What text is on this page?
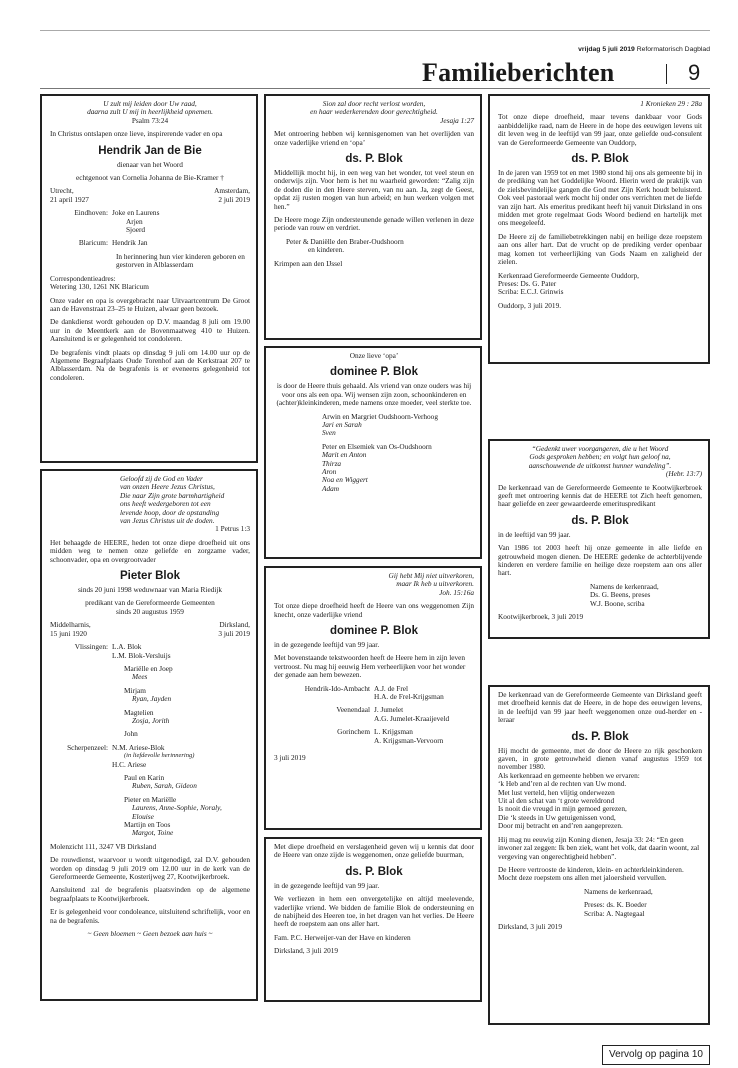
vrijdag 5 juli 2019 Reformatorisch Dagblad
Familieberichten	9
U zult mij leiden door Uw raad,
daarna zult U mij in heerlijkheid opnemen.
Psalm 73:24
In Christus ontslapen onze lieve, inspirerende vader en opa
Hendrik Jan de Bie
dienaar van het Woord
echtgenoot van Cornelia Johanna de Bie-Kramer †
Utrecht,
21 april 1927
Amsterdam,
2 juli 2019
Eindhoven: Joke en Laurens
Arjen
Sjoerd
Blaricum: Hendrik Jan
In herinnering hun vier kinderen geboren en gestorven in Alblasserdam
Correspondentieadres:
Wetering 130, 1261 NK Blaricum
Onze vader en opa is overgebracht naar Uitvaartcentrum De Groot aan de Havenstraat 23–25 te Huizen, alwaar geen bezoek.
De dankdienst wordt gehouden op D.V. maandag 8 juli om 19.00 uur in de Meentkerk aan de Bovenmaatweg 410 te Huizen. Aansluitend is er gelegenheid tot condoleren.
De begrafenis vindt plaats op dinsdag 9 juli om 14.00 uur op de Algemene Begraafplaats Oude Torenhof aan de Kerkstraat 207 te Alblasserdam. Na de begrafenis is er eveneens gelegenheid tot condoleren.
Geloofd zij de God en Vader
van onzen Heere Jezus Christus,
Die naar Zijn grote barmhartigheid
ons heeft wedergeboren tot een
levende hoop, door de opstanding
van Jezus Christus uit de doden.
1 Petrus 1:3
Het behaagde de HEERE, heden tot onze diepe droefheid uit ons midden weg te nemen onze geliefde en zorgzame vader, schoonvader, opa en overgrootvader
Pieter Blok
sinds 20 juni 1998 weduwnaar van Maria Riedijk
predikant van de Gereformeerde Gemeenten
sinds 20 augustus 1959
Middelharnis,
15 juni 1920
Dirksland,
3 juli 2019
Vlissingen: L.A. Blok
L.M. Blok-Versluijs
Mariëlle en Joep
Mees
Mirjam
Ryan, Jayden
Magtelien
Zosja, Jorith
John
Scherpenzeel: N.M. Ariese-Blok
(in liefdevolle herinnering)
H.C. Ariese
Paul en Karin
Ruben, Sarah, Gideon
Pieter en Mariëlle
Laurens, Anne-Sophie, Noraly, Elouise
Martijn en Toos
Margot, Toine
Molenzicht 111, 3247 VB Dirksland
De rouwdienst, waarvoor u wordt uitgenodigd, zal D.V. gehouden worden op dinsdag 9 juli 2019 om 12.00 uur in de kerk van de Gereformeerde Gemeente, Kosterijweg 27, Kootwijkerbroek.
Aansluitend zal de begrafenis plaatsvinden op de algemene begraafplaats te Kootwijkerbroek.
Er is gelegenheid voor condoleance, uitsluitend schriftelijk, voor en na de begrafenis.
~ Geen bloemen ~ Geen bezoek aan huis ~
Sion zal door recht verlost worden,
en haar wederkerenden door gerechtigheid.
Jesaja 1:27
Met ontroering hebben wij kennisgenomen van het overlijden van onze vaderlijke vriend en ‘opa’
ds. P. Blok
Middellijk mocht hij, in een weg van het wonder, tot veel steun en onderwijs zijn. Voor hem is het nu waarheid geworden: “Zalig zijn de doden die in den Heere sterven, van nu aan. Ja, zegt de Geest, opdat zij rusten mogen van hun arbeid; en hun werken volgen met hen.”
De Heere moge Zijn ondersteunende genade willen verlenen in deze periode van rouw en verdriet.
Peter & Daniëlle den Braber-Oudshoorn
en kinderen.
Krimpen aan den IJssel
Onze lieve ‘opa’
dominee P. Blok
is door de Heere thuis gehaald. Als vriend van onze ouders was hij voor ons als een opa. Wij wensen zijn zoon, schoonkinderen en (achter)kleinkinderen, mede namens onze moeder, veel sterkte toe.
Arwin en Margriet Oudshoorn-Verhoog
Jari en Sarah
Sven
Peter en Elsemiek van Os-Oudshoorn
Marit en Anton
Thirza
Aron
Noa en Wiggert
Adam
Gij hebt Mij niet uitverkoren,
maar Ik heb u uitverkoren.
Joh. 15:16a
Tot onze diepe droefheid heeft de Heere van ons weggenomen Zijn knecht, onze vaderlijke vriend
dominee P. Blok
in de gezegende leeftijd van 99 jaar.
Met bovenstaande tekstwoorden heeft de Heere hem in zijn leven vertroost. Nu mag hij eeuwig Hem verheerlijken voor het wonder der genade aan hem bewezen.
Hendrik-Ido-Ambacht A.J. de Frel
H.A. de Frel-Krijgsman
Veenendaal J. Jumelet
A.G. Jumelet-Kraaijeveld
Gorinchem L. Krijgsman
A. Krijgsman-Vervoorn
3 juli 2019
Met diepe droefheid en verslagenheid geven wij u kennis dat door de Heere van onze zijde is weggenomen, onze geliefde buurman,
ds. P. Blok
in de gezegende leeftijd van 99 jaar.
We verliezen in hem een onvergetelijke en altijd meelevende, vaderlijke vriend. We bidden de familie Blok de ondersteuning en de nabijheid des Heeren toe, in het dragen van het verlies. De Heere heeft de roepstem aan ons aller hart.
Fam. P.C. Herweijer-van der Have en kinderen
Dirksland, 3 juli 2019
1 Kronieken 29 : 28a
Tot onze diepe droefheid, maar tevens dankbaar voor Gods aanbiddelijke raad, nam de Heere in de hope des eeuwigen levens uit dit leven weg in de leeftijd van 99 jaar, onze geliefde oud-consulent van de Gereformeerde Gemeente van Ouddorp,
ds. P. Blok
In de jaren van 1959 tot en met 1980 stond hij ons als gemeente bij in de prediking van het Goddelijke Woord. Hierin werd de praktijk van de zielsbevindelijke gangen die God met Zijn Kerk houdt beluisterd. Ook veel pastoraal werk mocht hij onder ons verrichten met de liefde van zijn hart. Als emeritus predikant heeft hij vanuit Dirksland in ons midden met grote regelmaat Gods Woord bediend en hartelijk met ons meegeleefd.
De Heere zij de familiebetrekkingen nabij en heilige deze roepstem aan ons aller hart. Dat de vrucht op de prediking verder openbaar mag komen tot verheerlijking van Gods Naam en zaligheid der zielen.
Kerkenraad Gereformeerde Gemeente Ouddorp,
Preses: Ds. G. Pater
Scriba: E.C.J. Grinwis
Ouddorp, 3 juli 2019.
“Gedenkt uwer voorgangeren, die u het Woord
Gods gesproken hebben; en volgt hun geloof na,
aanschouwende de uitkomst hunner wandeling”.
(Hebr. 13:7)
De kerkenraad van de Gereformeerde Gemeente te Kootwijkerbroek geeft met ontroering kennis dat de HEERE tot Zich heeft genomen, haar geliefde en zeer gewaardeerde emerituspredikant
ds. P. Blok
in de leeftijd van 99 jaar.
Van 1986 tot 2003 heeft hij onze gemeente in alle liefde en getrouwheid mogen dienen. De HEERE gedenke de achterblijvende kinderen en verdere familie en heilige deze roepstem aan ons aller hart.
Namens de kerkenraad,
Ds. G. Beens, preses
W.J. Boone, scriba
Kootwijkerbroek, 3 juli 2019
De kerkenraad van de Gereformeerde Gemeente van Dirksland geeft met droefheid kennis dat de Heere, in de hope des eeuwigen levens, in de leeftijd van 99 jaar heeft weggenomen onze oud-herder en -leraar
ds. P. Blok
Hij mocht de gemeente, met de door de Heere zo rijk geschonken gaven, in grote getrouwheid dienen vanaf augustus 1959 tot november 1980.
Als kerkenraad en gemeente hebben we ervaren:
‘k Heb and’ren al de rechten van Uw mond.
Met lust verteld, hen vlijtig onderwezen
Uit al den schat van ‘t grote wereldrond
Is nooit die vreugd in mijn gemoed gerezen,
Die ‘k steeds in Uw getuigenissen vond,
Door mij betracht en and’ren aangeprezen.
Hij mag nu eeuwig zijn Koning dienen, Jesaja 33: 24: “En geen inwoner zal zeggen: Ik ben ziek, want het volk, dat daarin woont, zal vergeving van ongerechtigheid hebben”.
De Heere vertrooste de kinderen, klein- en achterkleinkinderen. Mocht deze roepstem ons allen met jaloersheid vervullen.
Namens de kerkenraad,
Preses: ds. K. Boeder
Scriba: A. Nagtegaal
Dirksland, 3 juli 2019
Vervolg op pagina 10
